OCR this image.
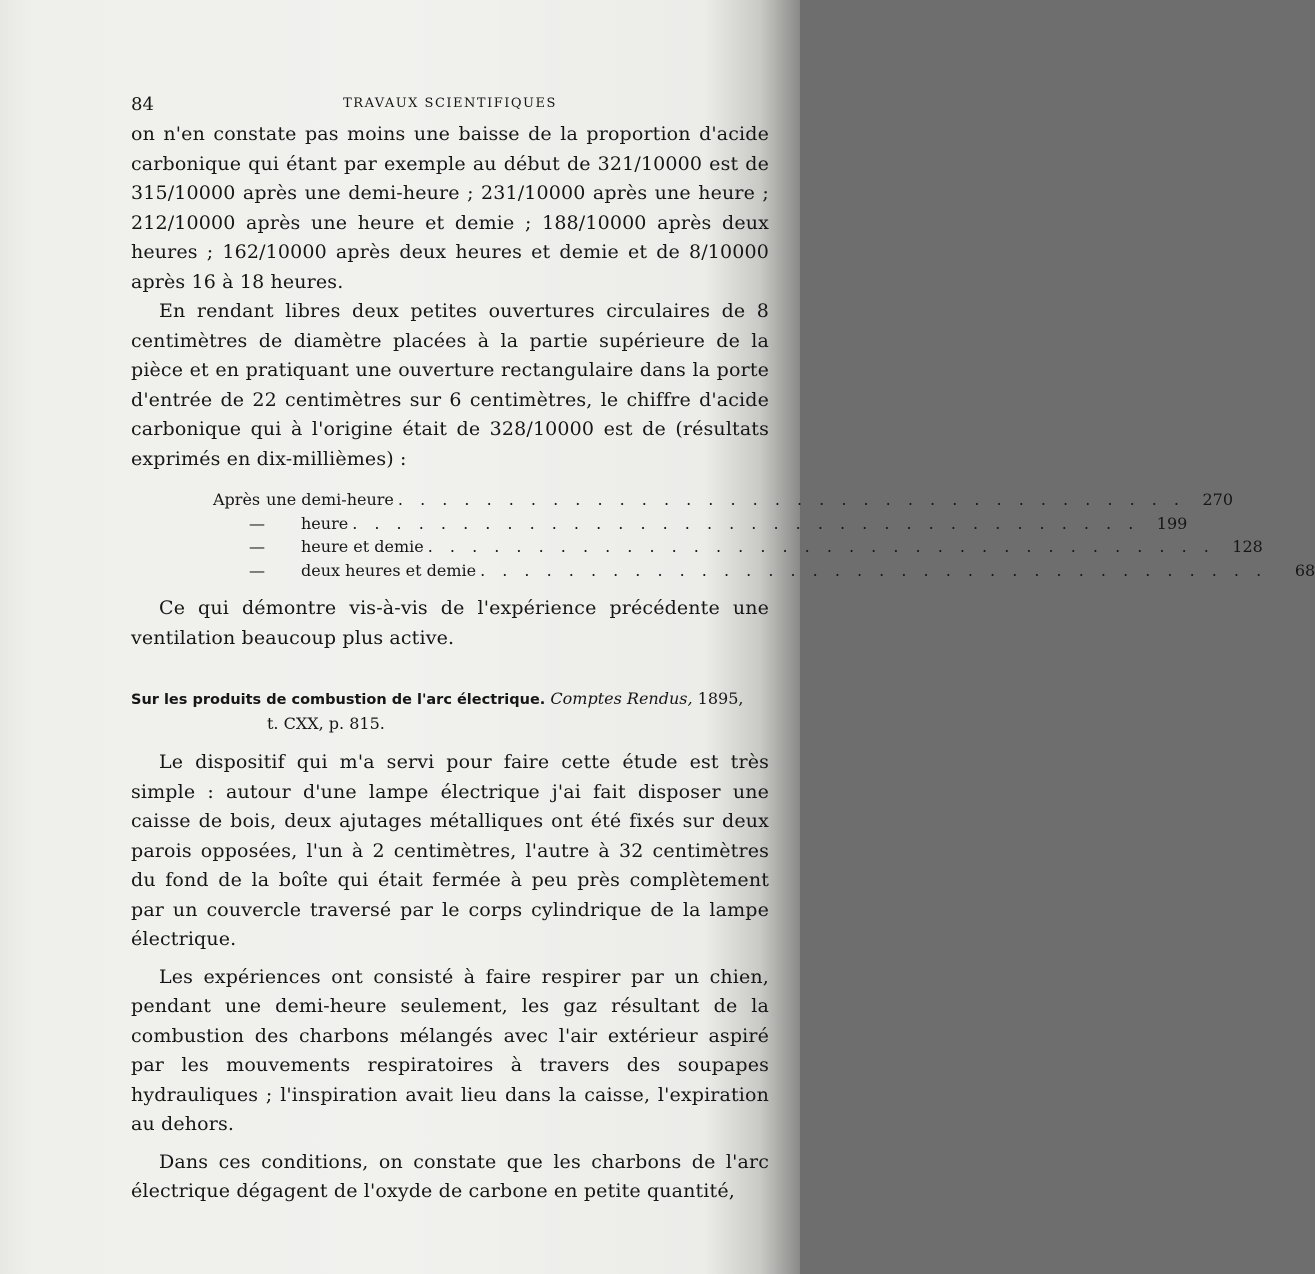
84	TRAVAUX SCIENTIFIQUES

on n'en constate pas moins une baisse de la proportion d'acide carbonique qui étant par exemple au début de 321/10000 est de 315/10000 après une demi-heure ; 231/10000 après une heure ; 212/10000 après une heure et demie ; 188/10000 après deux heures ; 162/10000 après deux heures et demie et de 8/10000 après 16 à 18 heures.

En rendant libres deux petites ouvertures circulaires de 8 centimètres de diamètre placées à la partie supérieure de la pièce et en pratiquant une ouverture rectangulaire dans la porte d'entrée de 22 centimètres sur 6 centimètres, le chiffre d'acide carbonique qui à l'origine était de 328/10000 est de (résultats exprimés en dix-millièmes) :

Après une demi-heure . . . . . . . . . . . . . . . . . . . . . . . . . . . . . . . . . . . .	270
—	heure . . . . . . . . . . . . . . . . . . . . . . . . . . . . . . . . . . . .	199
—	heure et demie . . . . . . . . . . . . . . . . . . . . . . . . . . . . . . . . . . . .	128
—	deux heures et demie . . . . . . . . . . . . . . . . . . . . . . . . . . . . . . . . . . . .	68

Ce qui démontre vis-à-vis de l'expérience précédente une ventilation beaucoup plus active.

Sur les produits de combustion de l'arc électrique. Comptes Rendus, 1895,
t. CXX, p. 815.

Le dispositif qui m'a servi pour faire cette étude est très simple : autour d'une lampe électrique j'ai fait disposer une caisse de bois, deux ajutages métalliques ont été fixés sur deux parois opposées, l'un à 2 centimètres, l'autre à 32 centimètres du fond de la boîte qui était fermée à peu près complètement par un couvercle traversé par le corps cylindrique de la lampe électrique.

Les expériences ont consisté à faire respirer par un chien, pendant une demi-heure seulement, les gaz résultant de la combustion des charbons mélangés avec l'air extérieur aspiré par les mouvements respiratoires à travers des soupapes hydrauliques ; l'inspiration avait lieu dans la caisse, l'expiration au dehors.

Dans ces conditions, on constate que les charbons de l'arc électrique dégagent de l'oxyde de carbone en petite quantité,
